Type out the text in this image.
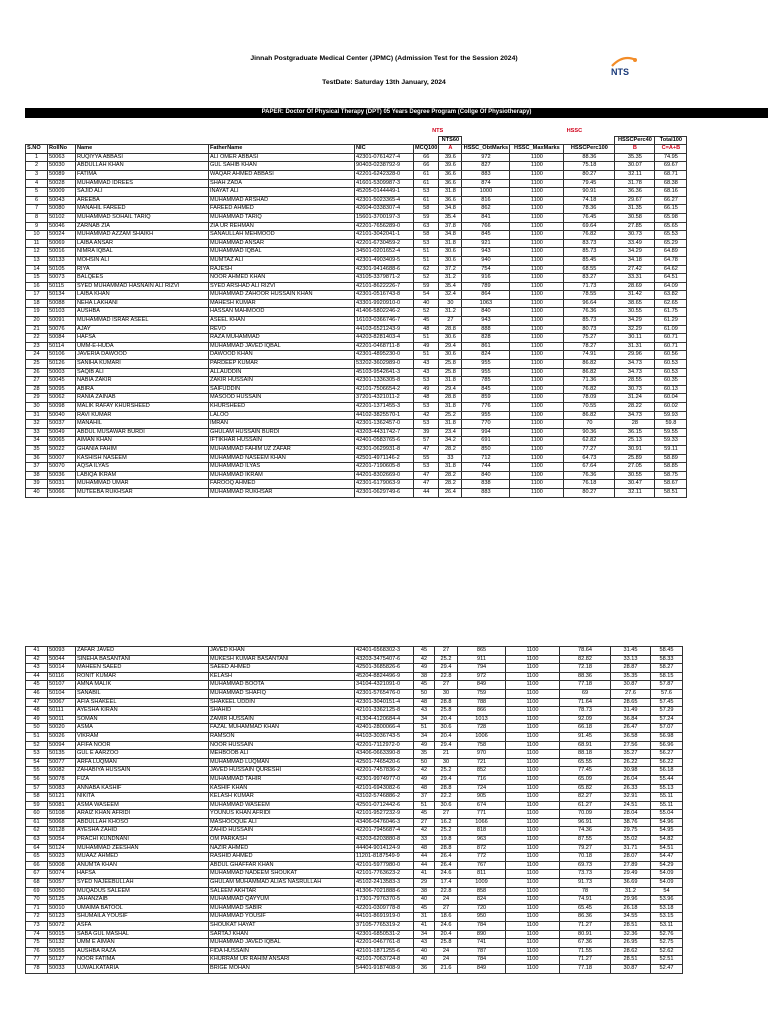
Jinnah Postgraduate Medical Center (JPMC) (Admission Test for the Session 2024)
NTS
TestDate: Saturday 13th January, 2024
PAPER: Doctor Of Physical Therapy (DPT) 05 Years Degree Program (Collge Of Physiotherapy)
					NTS		HSSC				
						NTS60				HSSCPerc40	Total100
S.NO	RollNo	Name	FatherName	NIC	MCQ100	A	HSSC_ObtMarks	HSSC_MaxMarks	HSSCPerc100	B	C=A+B
1	50063	RUQIYYA ABBASI	ALI OMER ABBASI	42301-0761427-4	66	39.6	972	1100	88.36	35.35	74.95
2	50030	ABDULLAH KHAN	GUL SAHIB KHAN	90403-0238792-9	66	39.6	827	1100	75.18	30.07	69.67
3	50089	FATIMA	WAQAR AHMED ABBASI	42201-6242328-0	61	36.6	883	1100	80.27	32.11	68.71
4	50028	MUHAMMAD IDREES	SHAH ZADA	41601-5309987-3	61	36.6	874	1100	79.45	31.78	68.38
5	50009	SAJID ALI	INAYAT ALI	45205-0144449-1	53	31.8	1000	1100	90.91	36.36	68.16
6	50043	AREEBA	MUHAMMAD ARSHAD	42301-5023365-4	61	36.6	816	1100	74.18	29.67	66.27
7	50080	MANAHIL FAREED	FAREED AHMED	42604-0338307-4	58	34.8	862	1100	78.36	31.35	66.15
8	50102	MUHAMMAD SOHAIL TARIQ	MUHAMMAD TARIQ	15601-3700197-3	59	35.4	841	1100	76.45	30.58	65.98
9	50046	ZARNAB ZIA	ZIA UR REHMAN	42201-7656289-0	63	37.8	766	1100	69.64	27.85	65.65
10	50024	MUHAMMAD AZZAM SHAIKH	SANAULLAH MEHMOOD	42101-3042041-1	58	34.8	845	1100	76.82	30.73	65.53
11	50069	LAIBA ANSAR	MUHAMMAD ANSAR	42201-6730459-2	53	31.8	921	1100	83.73	33.49	65.29
12	50016	NIMRA IQBAL	MUHAMMAD IQBAL	34501-0201652-4	51	30.6	943	1100	85.73	34.29	64.89
13	50133	MOHSIN ALI	MUMTAZ ALI	42301-4903409-5	51	30.6	940	1100	85.45	34.18	64.78
14	50105	RIYA	RAJESH	42301-9414688-6	62	37.2	754	1100	68.55	27.42	64.62
15	50073	BALQEES	NOOR AHMED KHAN	43105-3379871-2	52	31.2	916	1100	83.27	33.31	64.51
16	50115	SYED MUHAMMAD HASNAIN ALI RIZVI	SYED ARSHAD ALI RIZVI	42101-8622226-7	59	35.4	789	1100	71.73	28.69	64.09
17	50134	LAIBA KHAN	MUHAMMAD ZAHOOR HUSSAIN KHAN	42301-0516743-8	54	32.4	864	1100	78.55	31.42	63.82
18	50088	NEHA LAKHANI	MAHESH KUMAR	43301-9920910-0	40	30	1063	1100	96.64	38.65	62.65
19	50103	AUSHBA	HASSAN MAHMOOD	41406-5802246-2	52	31.2	840	1100	76.36	30.55	61.75
20	50091	MUHAMMAD ISRAR ASEEL	ASEEL KHAN	16103-0366746-7	45	27	943	1100	85.73	34.29	61.29
21	50076	AJAY	REVO	44103-6521243-9	48	28.8	888	1100	80.73	32.29	61.09
22	50084	HAFSA	RAZA MUHAMMAD	44203-8281403-4	51	30.6	828	1100	75.27	30.11	60.71
23	50114	UMM-E-HUDA	MUHAMMAD JAVED IQBAL	42201-0468711-8	49	29.4	861	1100	78.27	31.31	60.71
24	50106	JAVERIA DAWOOD	DAWOOD KHAN	42301-4895230-0	51	30.6	824	1100	74.91	29.96	60.56
25	50126	SANIHA KUMARI	PARDEEP KUMAR	53202-3602989-0	43	25.8	955	1100	86.82	34.73	60.53
26	50003	SAQIB ALI	ALLAUDDIN	45103-9542641-3	43	25.8	955	1100	86.82	34.73	60.53
27	50045	NABIA ZAKIR	ZAKIR HUSSAIN	42301-1336305-8	53	31.8	785	1100	71.36	28.55	60.35
28	50095	ABIRA	SAIFUDDIN	42101-7506654-2	49	29.4	845	1100	76.82	30.73	60.13
29	50062	RANIA ZAINAB	MASOOD HUSSAIN	37201-4321011-2	48	28.8	859	1100	78.09	31.24	60.04
30	50098	MALIK RAFAY KHURSHEED	KHURSHEED	42201-1371455-3	53	31.8	776	1100	70.55	28.22	60.02
31	50040	RAVI KUMAR	LALOO	44102-3825570-1	42	25.2	955	1100	86.82	34.73	59.93
32	50037	MANAHIL	IMRAN	42301-1362457-0	53	31.8	770	1100	70	28	59.8
33	50049	ABDUL MUSAWAR BURDI	GHULAM HUSSAIN BURDI	43203-4431742-7	39	23.4	994	1100	90.36	36.15	59.55
34	50065	AIMAN KHAN	IFTIKHAR HUSSAIN	42401-0583765-6	57	34.2	691	1100	62.82	25.13	59.33
35	50022	GHANIA FAHIM	MUHAMMAD FAHIM UZ ZAFAR	42301-0629931-8	47	28.2	850	1100	77.27	30.91	59.11
36	50007	KASHISH NASEEM	MUHAMMAD NASEEM KHAN	42501-4971146-2	55	33	712	1100	64.73	25.89	58.89
37	50070	AQSA ILYAS	MUHAMMAD ILYAS	42201-7190605-8	53	31.8	744	1100	67.64	27.05	58.85
38	50036	LABIQA IKRAM	MUHAMMAD IKRAM	44201-8302669-0	47	28.2	840	1100	76.36	30.55	58.75
39	50031	MUHAMMAD UMAR	FAROOQ AHMED	42301-6179063-9	47	28.2	838	1100	76.18	30.47	58.67
40	50066	MUTEEBA RUKHSAR	MUHAMMAD RUKHSAR	42301-0629749-6	44	26.4	883	1100	80.27	32.11	58.51
41	50093	ZAFAR JAVED	JAVED KHAN	42401-6568302-3	45	27	865	1100	78.64	31.45	58.45
42	50044	SINEHA BASANTANI	MUKESH KUMAR BASANTANI	43203-3475407-6	42	25.2	911	1100	82.82	33.13	58.33
43	50014	MAHEEN SAEED	SAEED AHMED	42501-3685826-6	49	29.4	794	1100	72.18	28.87	58.27
44	50116	RONIT KUMAR	KELASH	45204-8824496-9	38	22.8	972	1100	88.36	35.35	58.15
45	50107	AMNA MALIK	MUHAMMAD BOOTA	34104-4321091-0	45	27	849	1100	77.18	30.87	57.87
46	50104	SANABIL	MUHAMMAD SHAFIQ	42301-5765476-0	50	30	759	1100	69	27.6	57.6
47	50067	AFIA SHAKEEL	SHAKEEL UDDIN	42301-3040151-4	48	28.8	788	1100	71.64	28.65	57.45
48	50111	AYESHA KIRAN	SHAHID	42101-3362125-8	43	25.8	866	1100	78.73	31.49	57.29
49	50011	SOMAN	ZAMIR HUSSAIN	41304-4120684-4	34	20.4	1013	1100	92.09	36.84	57.24
50	50020	ASMA	FAZAL MUHAMMAD KHAN	42401-2800066-4	51	30.6	728	1100	66.18	26.47	57.07
51	50026	VIKRAM	RAMSON	44103-3036743-5	34	20.4	1006	1100	91.45	36.58	56.98
52	50094	AFIFA NOOR	NOOR HUSSAIN	42201-7112972-0	49	29.4	758	1100	68.91	27.56	56.96
53	50135	GUL E AARZOO	MEHBOOB ALI	43406-0663390-8	35	21	970	1100	88.18	35.27	56.27
54	50077	ARFA LUQMAN	MUHAMMAD LUQMAN	42501-7465420-6	50	30	721	1100	65.55	26.22	56.22
55	50082	ZAHABIYA HUSSAIN	JAVED HUSSAIN QURESHI	42201-7457836-2	42	25.2	852	1100	77.45	30.98	56.18
56	50078	FIZA	MUHAMMAD TAHIR	42301-9974977-0	49	29.4	716	1100	65.09	26.04	55.44
57	50083	ANNABA KASHIF	KASHIF KHAN	42101-6943082-6	48	28.8	724	1100	65.82	26.33	55.13
58	50121	NIKITA	KELASH KUMAR	43102-5746886-2	37	22.2	905	1100	82.27	32.91	55.11
59	50081	ASMA WASEEM	MUHAMMAD WASEEM	42501-0712442-6	51	30.6	674	1100	61.27	24.51	55.11
60	50108	ARAIZ KHAN AFRIDI	YOUNUS KHAN AFRIDI	42101-9527232-9	45	27	771	1100	70.09	28.04	55.04
61	50068	ABDULLAH KHOSO	MASHOOQUE ALI	43406-0476046-3	27	16.2	1066	1100	96.91	38.76	54.96
62	50128	AYESHA ZAHID	ZAHID HUSSAIN	42201-7945687-4	42	25.2	818	1100	74.36	29.75	54.95
63	50054	PRACHI KUNDNANI	OM PARKASH	43203-6203880-8	33	19.8	963	1100	87.55	35.02	54.82
64	50124	MUHAMMAD ZEESHAN	NAZIR AHMED	44404-9014124-9	48	28.8	872	1100	79.27	31.71	54.51
65	50023	MUAAZ AHMED	RASHID AHMED	11201-8187549-9	44	26.4	772	1100	70.18	28.07	54.47
66	50008	ANUMTA KHAN	ABDUL GHAFFAR KHAN	42101-5977980-0	44	26.4	767	1100	69.73	27.89	54.29
67	50074	HAFSA	MUHAMMAD NADEEM SHOUKAT	42101-7763623-2	41	24.6	811	1100	73.73	29.49	54.09
68	50057	SYED NAJEEBULLAH	GHULAM MUHAMMAD ALIAS NASRULLAH	45102-2413583-3	29	17.4	1009	1100	91.73	36.69	54.09
69	50050	MUQADUS SALEEM	SALEEM AKHTAR	41306-7021888-6	38	22.8	858	1100	78	31.2	54
70	50125	JAHANZAIB	MUHAMMAD QAYYUM	17301-7976370-5	40	24	824	1100	74.91	29.96	53.96
71	50010	UMAIMA BATOOL	MUHAMMAD SABIR	42201-0309778-8	45	27	720	1100	65.45	26.18	53.18
72	50123	SHUMAILA YOUSIF	MUHAMMAD YOUSIF	44101-8691919-0	31	18.6	950	1100	86.36	34.55	53.15
73	50072	ASFA	SHOUKAT HAYAT	37105-7765319-2	41	24.6	784	1100	71.27	28.51	53.11
74	50015	SABA GUL MASHAL	SARTAJ KHAN	42301-6850531-2	34	20.4	890	1100	80.91	32.36	52.76
75	50132	UMM E AIMAN	MUHAMMAD JAVED IQBAL	42201-0467761-8	43	25.8	741	1100	67.36	26.95	52.75
76	50055	AUSHBA RAZA	FIDA HUSSAIN	42101-1871255-6	40	24	787	1100	71.55	28.62	52.62
77	50127	NOOR FATIMA	KHURRAM UR RAHIM ANSARI	42101-7063724-8	40	24	784	1100	71.27	28.51	52.51
78	50033	UJWALKATARIA	BRIGE MOHAN	54401-9187408-9	36	21.6	849	1100	77.18	30.87	52.47
